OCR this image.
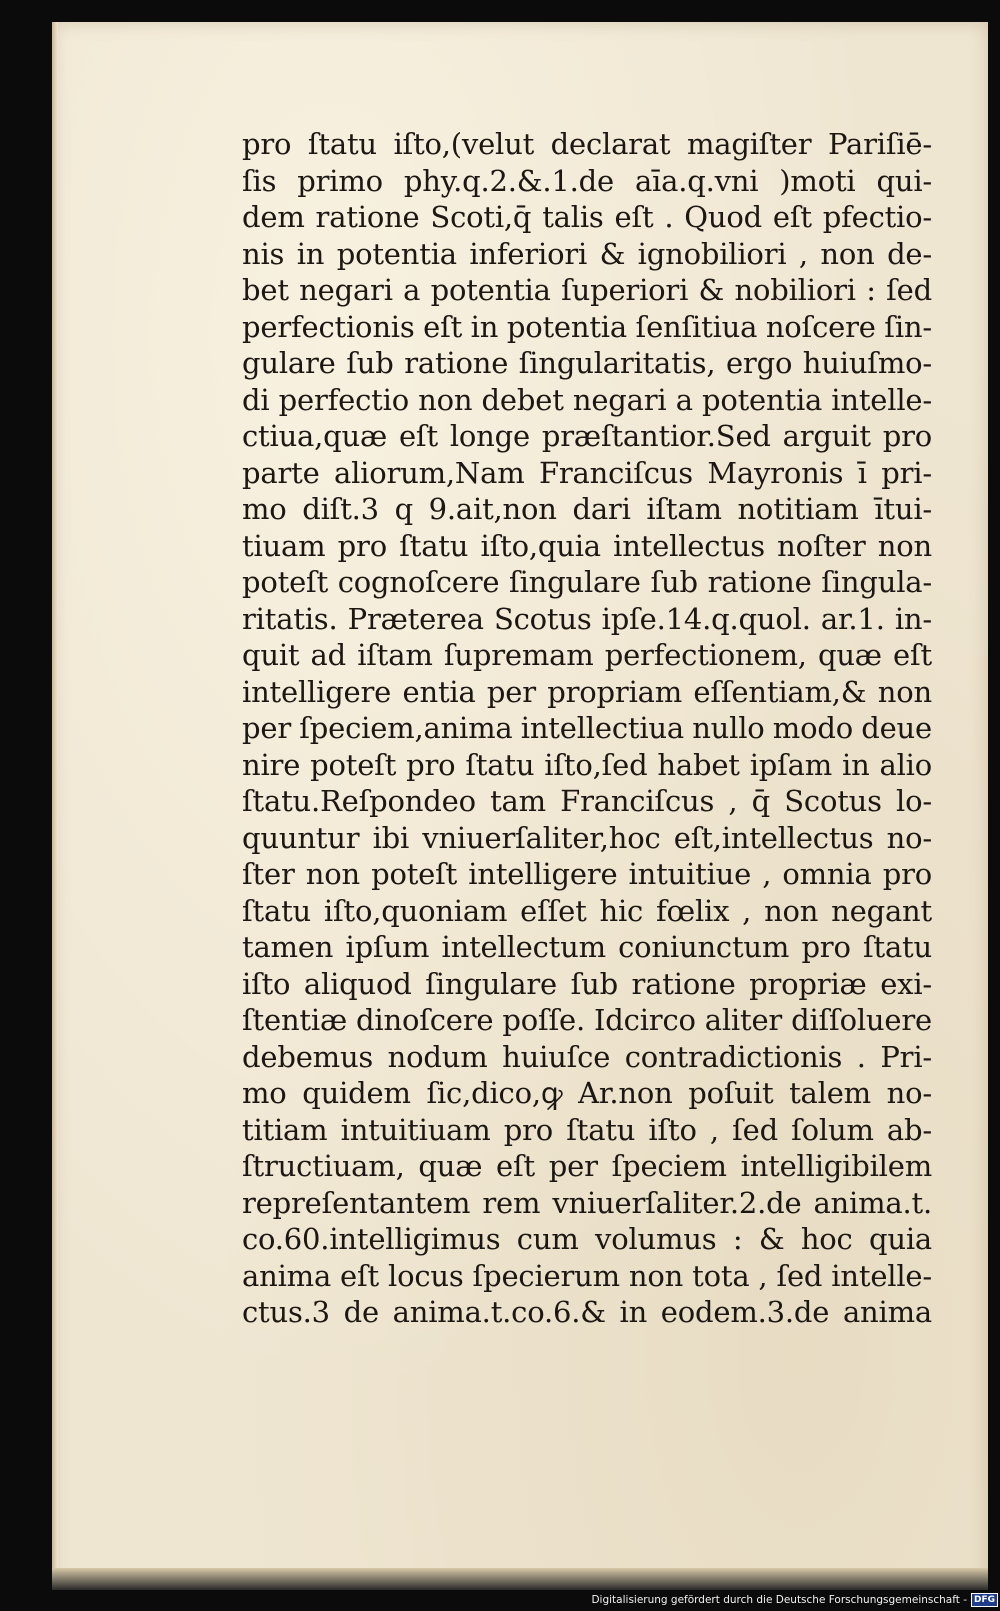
pro ſtatu iſto,(velut declarat magiſter Pariſiē-
ſis primo phy.q.2.&.1.de aīa.q.vni )moti qui-
dem ratione Scoti,q̄ talis eſt . Quod eſt pfectio-
nis in potentia inferiori & ignobiliori , non de-
bet negari a potentia ſuperiori & nobiliori : ſed
perfectionis eſt in potentia ſenſitiua noſcere ſin-
gulare ſub ratione ſingularitatis, ergo huiuſmo-
di perfectio non debet negari a potentia intelle-
ctiua,quæ eſt longe præſtantior.Sed arguit pro
parte aliorum,Nam Franciſcus Mayronis ī pri-
mo diſt.3 q 9.ait,non dari iſtam notitiam ītui-
tiuam pro ſtatu iſto,quia intellectus noſter non
poteſt cognoſcere ſingulare ſub ratione ſingula-
ritatis. Præterea Scotus ipſe.14.q.quol. ar.1. in-
quit ad iſtam ſupremam perfectionem, quæ eſt
intelligere entia per propriam eſſentiam,& non
per ſpeciem,anima intellectiua nullo modo deue
nire poteſt pro ſtatu iſto,ſed habet ipſam in alio
ſtatu.Reſpondeo tam Franciſcus , q̄ Scotus lo-
quuntur ibi vniuerſaliter,hoc eſt,intellectus no-
ſter non poteſt intelligere intuitiue , omnia pro
ſtatu iſto,quoniam eſſet hic fœlix , non negant
tamen ipſum intellectum coniunctum pro ſtatu
iſto aliquod ſingulare ſub ratione propriæ exi-
ſtentiæ dinoſcere poſſe. Idcirco aliter diſſoluere
debemus nodum huiuſce contradictionis . Pri-
mo quidem ſic,dico,ꝙ Ar.non poſuit talem no-
titiam intuitiuam pro ſtatu iſto , ſed ſolum ab-
ſtructiuam, quæ eſt per ſpeciem intelligibilem
repreſentantem rem vniuerſaliter.2.de anima.t.
co.60.intelligimus cum volumus : & hoc quia
anima eſt locus ſpecierum non tota , ſed intelle-
ctus.3 de anima.t.co.6.& in eodem.3.de anima
Digitalisierung gefördert durch die Deutsche Forschungsgemeinschaft - DFG
